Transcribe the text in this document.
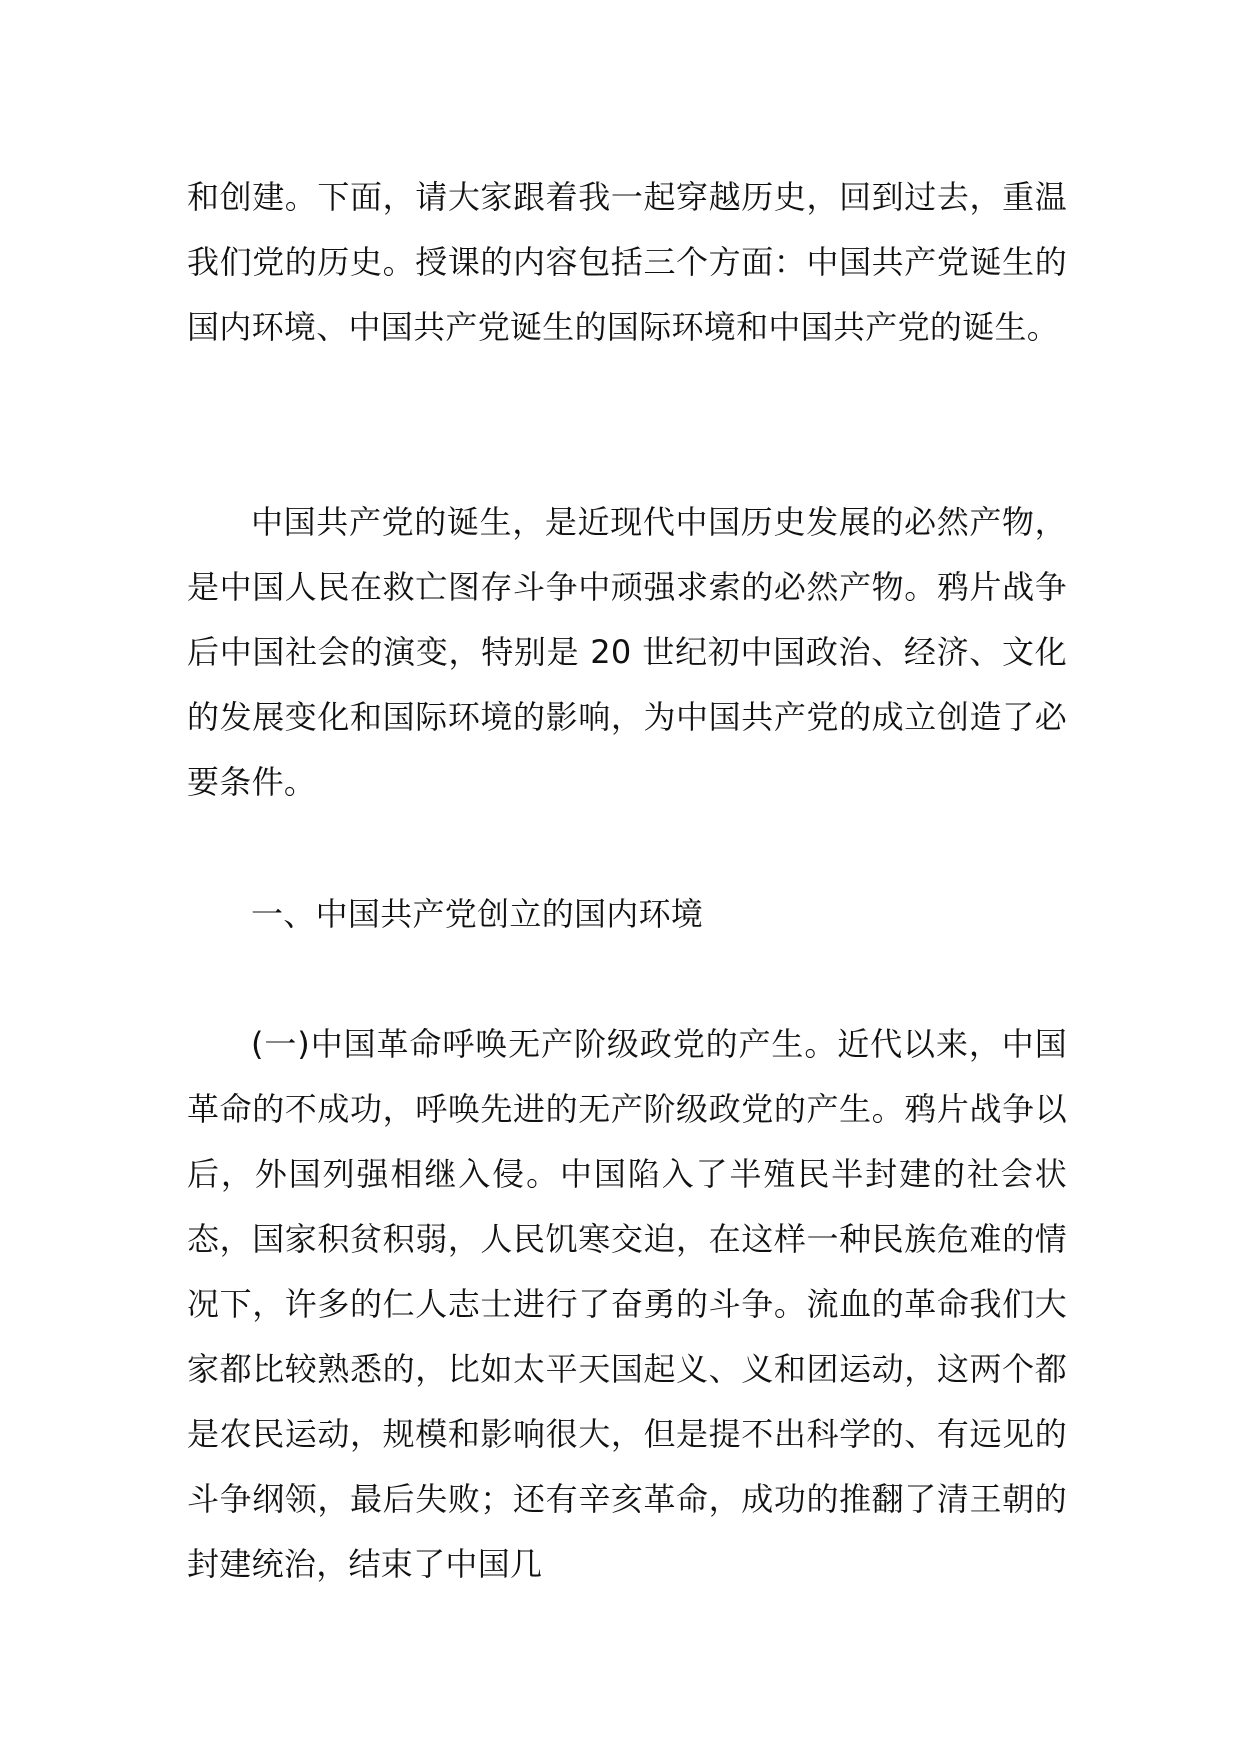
和创建。下面，请大家跟着我一起穿越历史，回到过去，重温我们党的历史。授课的内容包括三个方面：中国共产党诞生的国内环境、中国共产党诞生的国际环境和中国共产党的诞生。

中国共产党的诞生，是近现代中国历史发展的必然产物，是中国人民在救亡图存斗争中顽强求索的必然产物。鸦片战争后中国社会的演变，特别是 20 世纪初中国政治、经济、文化的发展变化和国际环境的影响，为中国共产党的成立创造了必要条件。

一、中国共产党创立的国内环境

(一)中国革命呼唤无产阶级政党的产生。近代以来，中国革命的不成功，呼唤先进的无产阶级政党的产生。鸦片战争以后，外国列强相继入侵。中国陷入了半殖民半封建的社会状态，国家积贫积弱，人民饥寒交迫，在这样一种民族危难的情况下，许多的仁人志士进行了奋勇的斗争。流血的革命我们大家都比较熟悉的，比如太平天国起义、义和团运动，这两个都是农民运动，规模和影响很大，但是提不出科学的、有远见的斗争纲领，最后失败；还有辛亥革命，成功的推翻了清王朝的封建统治，结束了中国几
